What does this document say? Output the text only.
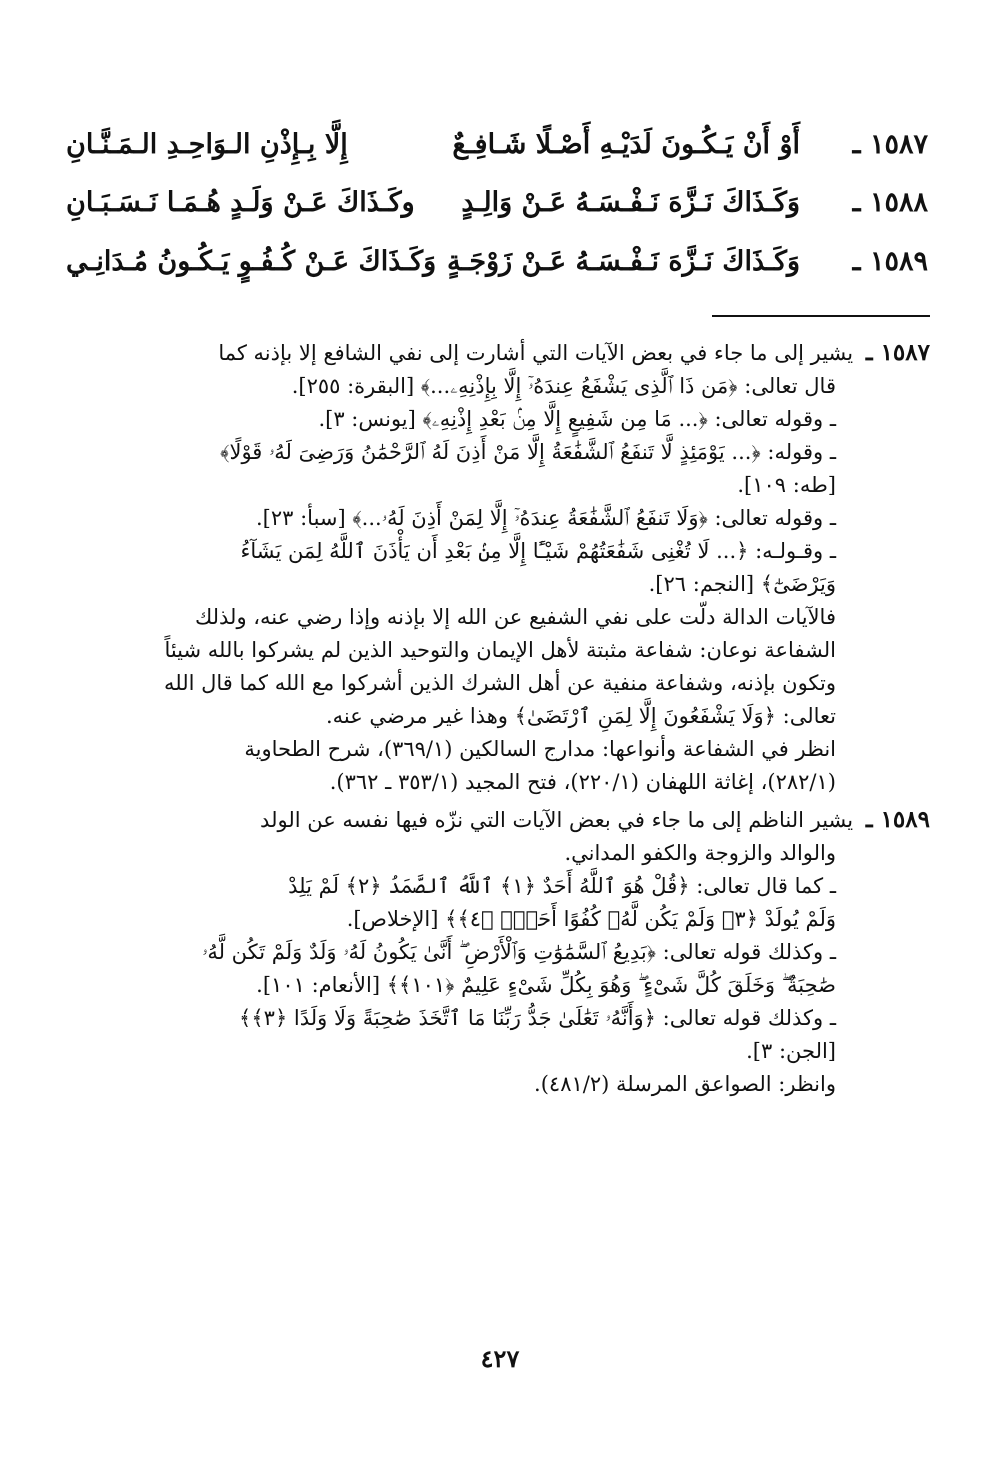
١٥٨٧ ـ
أَوْ أَنْ يَـكُـونَ لَدَيْـهِ أَصْـلًا شَـافِـعٌ
إِلَّا بِـإِذْنِ الـوَاحِـدِ الـمَـنَّـانِ
١٥٨٨ ـ
وَكَـذَاكَ نَـزَّهَ نَـفْـسَـهُ عَـنْ وَالِـدٍ
وكَـذَاكَ عَـنْ وَلَـدٍ هُـمَـا نَـسَـبَـانِ
١٥٨٩ ـ
وَكَـذَاكَ نَـزَّهَ نَـفْـسَـهُ عَـنْ زَوْجَـةٍ
وَكَـذَاكَ عَـنْ كُـفُـوٍ يَـكُـونُ مُـدَانِـي
١٥٨٧ ـ يشير إلى ما جاء في بعض الآيات التي أشارت إلى نفي الشافع إلا بإذنه كما
قال تعالى: ﴿مَن ذَا ٱلَّذِى يَشْفَعُ عِندَهُۥٓ إِلَّا بِإِذْنِهِۦ...﴾ [البقرة: ٢٥٥].
ـ وقوله تعالى: ﴿... مَا مِن شَفِيعٍ إِلَّا مِنۢ بَعْدِ إِذْنِهِۦ﴾ [يونس: ٣].
ـ وقوله: ﴿... يَوْمَئِذٍ لَّا تَنفَعُ ٱلشَّفَٰعَةُ إِلَّا مَنْ أَذِنَ لَهُ ٱلرَّحْمَٰنُ وَرَضِىَ لَهُۥ قَوْلًا﴾
[طه: ١٠٩].
ـ وقوله تعالى: ﴿وَلَا تَنفَعُ ٱلشَّفَٰعَةُ عِندَهُۥٓ إِلَّا لِمَنْ أَذِنَ لَهُۥ...﴾ [سبأ: ٢٣].
ـ وقـولـه: ﴿... لَا تُغْنِى شَفَٰعَتُهُمْ شَيْـًٔا إِلَّا مِنۢ بَعْدِ أَن يَأْذَنَ ٱللَّهُ لِمَن يَشَآءُ
وَيَرْضَىٰٓ﴾ [النجم: ٢٦].
فالآيات الدالة دلّت على نفي الشفيع عن الله إلا بإذنه وإذا رضي عنه، ولذلك
الشفاعة نوعان: شفاعة مثبتة لأهل الإيمان والتوحيد الذين لم يشركوا بالله شيئاً
وتكون بإذنه، وشفاعة منفية عن أهل الشرك الذين أشركوا مع الله كما قال الله
تعالى: ﴿وَلَا يَشْفَعُونَ إِلَّا لِمَنِ ٱرْتَضَىٰ﴾ وهذا غير مرضي عنه.
انظر في الشفاعة وأنواعها: مدارج السالكين (٣٦٩/١)، شرح الطحاوية
(٢٨٢/١)، إغاثة اللهفان (٢٢٠/١)، فتح المجيد (٣٥٣/١ ـ ٣٦٢).
١٥٨٩ ـ يشير الناظم إلى ما جاء في بعض الآيات التي نزّه فيها نفسه عن الولد
والوالد والزوجة والكفو المداني.
ـ كما قال تعالى: ﴿قُلْ هُوَ ٱللَّهُ أَحَدٌ ﴿١﴾ ٱللَّهُ ٱلصَّمَدُ ﴿٢﴾ لَمْ يَلِدْ
وَلَمْ يُولَدْ ﴿٣﴾ وَلَمْ يَكُن لَّهُۥ كُفُوًا أَحَدٌۢ ﴿٤﴾﴾ [الإخلاص].
ـ وكذلك قوله تعالى: ﴿بَدِيعُ ٱلسَّمَٰوَٰتِ وَٱلْأَرْضِ ۖ أَنَّىٰ يَكُونُ لَهُۥ وَلَدٌ وَلَمْ تَكُن لَّهُۥ
صَٰحِبَةٌ ۖ وَخَلَقَ كُلَّ شَىْءٍ ۖ وَهُوَ بِكُلِّ شَىْءٍ عَلِيمٌ ﴿١٠١﴾﴾ [الأنعام: ١٠١].
ـ وكذلك قوله تعالى: ﴿وَأَنَّهُۥ تَعَٰلَىٰ جَدُّ رَبِّنَا مَا ٱتَّخَذَ صَٰحِبَةً وَلَا وَلَدًا ﴿٣﴾﴾
[الجن: ٣].
وانظر: الصواعق المرسلة (٤٨١/٢).
٤٢٧
